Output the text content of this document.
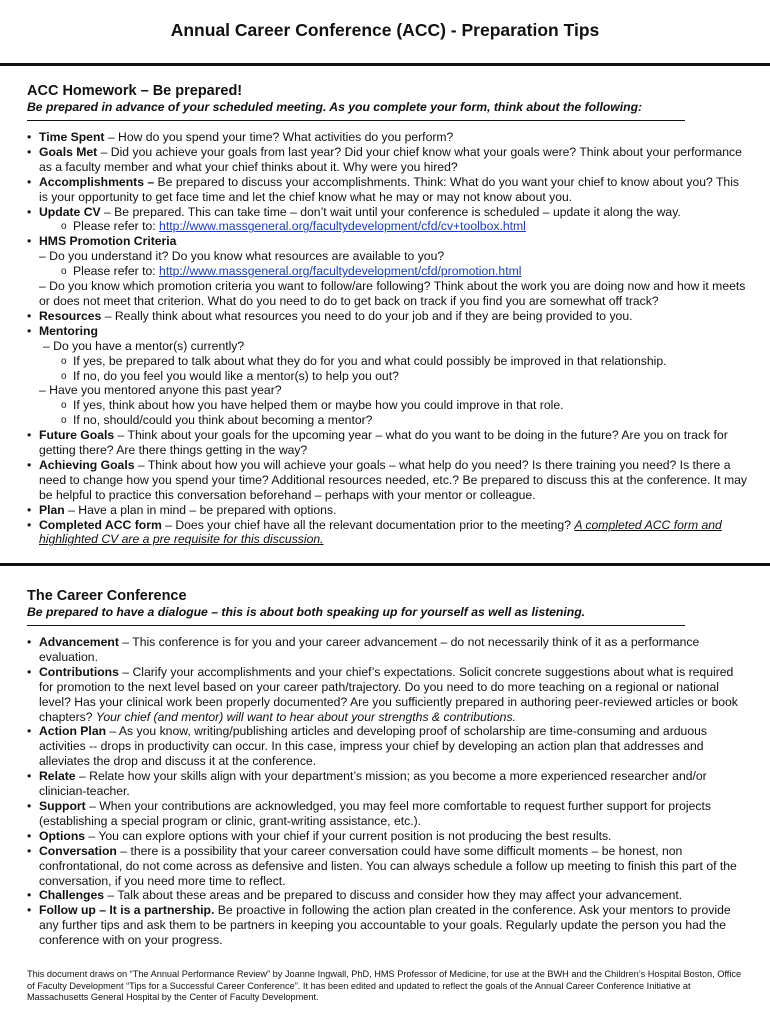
Annual Career Conference (ACC) - Preparation Tips
ACC Homework – Be prepared!
Be prepared in advance of your scheduled meeting. As you complete your form, think about the following:
• Time Spent – How do you spend your time? What activities do you perform?
• Goals Met – Did you achieve your goals from last year? Did your chief know what your goals were? Think about your performance as a faculty member and what your chief thinks about it. Why were you hired?
• Accomplishments – Be prepared to discuss your accomplishments. Think: What do you want your chief to know about you? This is your opportunity to get face time and let the chief know what he may or may not know about you.
• Update CV – Be prepared. This can take time – don’t wait until your conference is scheduled – update it along the way.
o Please refer to: http://www.massgeneral.org/facultydevelopment/cfd/cv+toolbox.html
• HMS Promotion Criteria
– Do you understand it? Do you know what resources are available to you?
o Please refer to: http://www.massgeneral.org/facultydevelopment/cfd/promotion.html
– Do you know which promotion criteria you want to follow/are following? Think about the work you are doing now and how it meets or does not meet that criterion. What do you need to do to get back on track if you find you are somewhat off track?
• Resources – Really think about what resources you need to do your job and if they are being provided to you.
• Mentoring
– Do you have a mentor(s) currently?
o If yes, be prepared to talk about what they do for you and what could possibly be improved in that relationship.
o If no, do you feel you would like a mentor(s) to help you out?
– Have you mentored anyone this past year?
o If yes, think about how you have helped them or maybe how you could improve in that role.
o If no, should/could you think about becoming a mentor?
• Future Goals – Think about your goals for the upcoming year – what do you want to be doing in the future? Are you on track for getting there? Are there things getting in the way?
• Achieving Goals – Think about how you will achieve your goals – what help do you need? Is there training you need? Is there a need to change how you spend your time? Additional resources needed, etc.? Be prepared to discuss this at the conference. It may be helpful to practice this conversation beforehand – perhaps with your mentor or colleague.
• Plan – Have a plan in mind – be prepared with options.
• Completed ACC form – Does your chief have all the relevant documentation prior to the meeting? A completed ACC form and highlighted CV are a pre requisite for this discussion.
The Career Conference
Be prepared to have a dialogue – this is about both speaking up for yourself as well as listening.
• Advancement – This conference is for you and your career advancement – do not necessarily think of it as a performance evaluation.
• Contributions – Clarify your accomplishments and your chief’s expectations. Solicit concrete suggestions about what is required for promotion to the next level based on your career path/trajectory. Do you need to do more teaching on a regional or national level? Has your clinical work been properly documented? Are you sufficiently prepared in authoring peer-reviewed articles or book chapters? Your chief (and mentor) will want to hear about your strengths & contributions.
• Action Plan – As you know, writing/publishing articles and developing proof of scholarship are time-consuming and arduous activities -- drops in productivity can occur. In this case, impress your chief by developing an action plan that addresses and alleviates the drop and discuss it at the conference.
• Relate – Relate how your skills align with your department’s mission; as you become a more experienced researcher and/or clinician-teacher.
• Support – When your contributions are acknowledged, you may feel more comfortable to request further support for projects (establishing a special program or clinic, grant-writing assistance, etc.).
• Options – You can explore options with your chief if your current position is not producing the best results.
• Conversation – there is a possibility that your career conversation could have some difficult moments – be honest, non confrontational, do not come across as defensive and listen. You can always schedule a follow up meeting to finish this part of the conversation, if you need more time to reflect.
• Challenges – Talk about these areas and be prepared to discuss and consider how they may affect your advancement.
• Follow up – It is a partnership. Be proactive in following the action plan created in the conference. Ask your mentors to provide any further tips and ask them to be partners in keeping you accountable to your goals. Regularly update the person you had the conference with on your progress.
This document draws on “The Annual Performance Review” by Joanne Ingwall, PhD, HMS Professor of Medicine, for use at the BWH and the Children’s Hospital Boston, Office of Faculty Development “Tips for a Successful Career Conference”. It has been edited and updated to reflect the goals of the Annual Career Conference Initiative at Massachusetts General Hospital by the Center of Faculty Development.
